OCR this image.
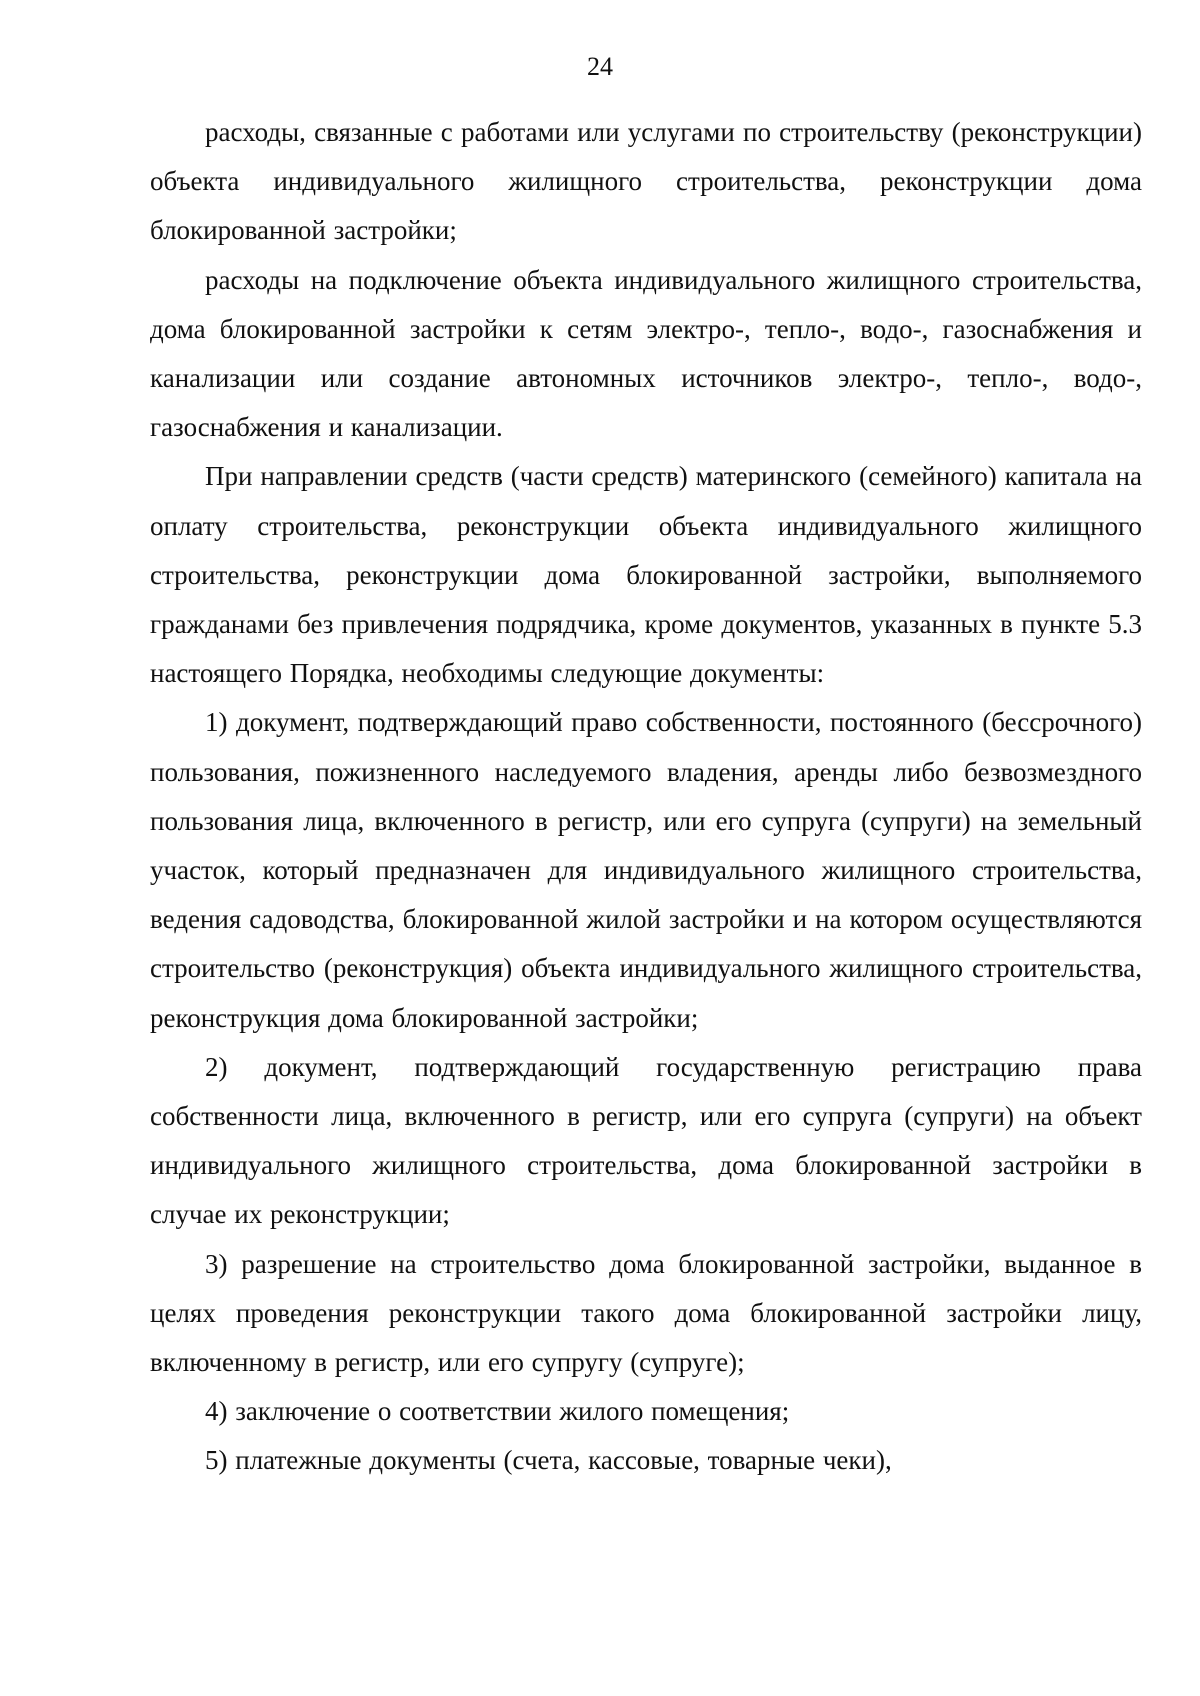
24

расходы, связанные с работами или услугами по строительству (реконструкции) объекта индивидуального жилищного строительства, реконструкции дома блокированной застройки;

расходы на подключение объекта индивидуального жилищного строительства, дома блокированной застройки к сетям электро-, тепло-, водо-, газоснабжения и канализации или создание автономных источников электро-, тепло-, водо-, газоснабжения и канализации.

При направлении средств (части средств) материнского (семейного) капитала на оплату строительства, реконструкции объекта индивидуального жилищного строительства, реконструкции дома блокированной застройки, выполняемого гражданами без привлечения подрядчика, кроме документов, указанных в пункте 5.3 настоящего Порядка, необходимы следующие документы:

1) документ, подтверждающий право собственности, постоянного (бессрочного) пользования, пожизненного наследуемого владения, аренды либо безвозмездного пользования лица, включенного в регистр, или его супруга (супруги) на земельный участок, который предназначен для индивидуального жилищного строительства, ведения садоводства, блокированной жилой застройки и на котором осуществляются строительство (реконструкция) объекта индивидуального жилищного строительства, реконструкция дома блокированной застройки;

2) документ, подтверждающий государственную регистрацию права собственности лица, включенного в регистр, или его супруга (супруги) на объект индивидуального жилищного строительства, дома блокированной застройки в случае их реконструкции;

3) разрешение на строительство дома блокированной застройки, выданное в целях проведения реконструкции такого дома блокированной застройки лицу, включенному в регистр, или его супругу (супруге);

4) заключение о соответствии жилого помещения;

5) платежные документы (счета, кассовые, товарные чеки),
